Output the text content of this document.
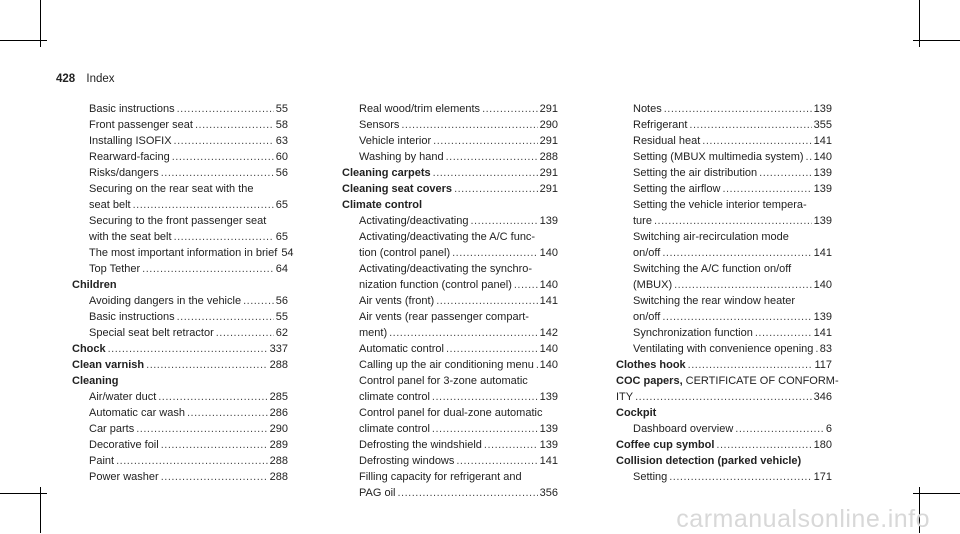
428 Index
Basic instructions .....	55
Front passenger seat .....	58
Installing ISOFIX .....	63
Rearward-facing .....	60
Risks/dangers .....	56
Securing on the rear seat with the
seat belt .....	65
Securing to the front passenger seat
with the seat belt .....	65
The most important information in brief 54
Top Tether .....	64
Children
Avoiding dangers in the vehicle .....	56
Basic instructions .....	55
Special seat belt retractor .....	62
Chock .....	337
Clean varnish .....	288
Cleaning
Air/water duct .....	285
Automatic car wash .....	286
Car parts .....	290
Decorative foil .....	289
Paint .....	288
Power washer .....	288
Real wood/trim elements .....	291
Sensors .....	290
Vehicle interior .....	291
Washing by hand .....	288
Cleaning carpets .....	291
Cleaning seat covers .....	291
Climate control
Activating/deactivating .....	139
Activating/deactivating the A/C func-
tion (control panel) .....	140
Activating/deactivating the synchro-
nization function (control panel) .....	140
Air vents (front) .....	141
Air vents (rear passenger compart-
ment) .....	142
Automatic control .....	140
Calling up the air conditioning menu ..... 140
Control panel for 3-zone automatic
climate control .....	139
Control panel for dual-zone automatic
climate control .....	139
Defrosting the windshield .....	139
Defrosting windows .....	141
Filling capacity for refrigerant and
PAG oil .....	356
Notes .....	139
Refrigerant .....	355
Residual heat .....	141
Setting (MBUX multimedia system) ..... 140
Setting the air distribution .....	139
Setting the airflow .....	139
Setting the vehicle interior tempera-
ture .....	139
Switching air-recirculation mode
on/off .....	141
Switching the A/C function on/off
(MBUX) .....	140
Switching the rear window heater
on/off .....	139
Synchronization function .....	141
Ventilating with convenience opening ..... 83
Clothes hook .....	117
COC papers, CERTIFICATE OF CONFORM-
ITY .....	346
Cockpit
Dashboard overview .....	6
Coffee cup symbol .....	180
Collision detection (parked vehicle)
Setting .....	171
carmanualsonline.info
